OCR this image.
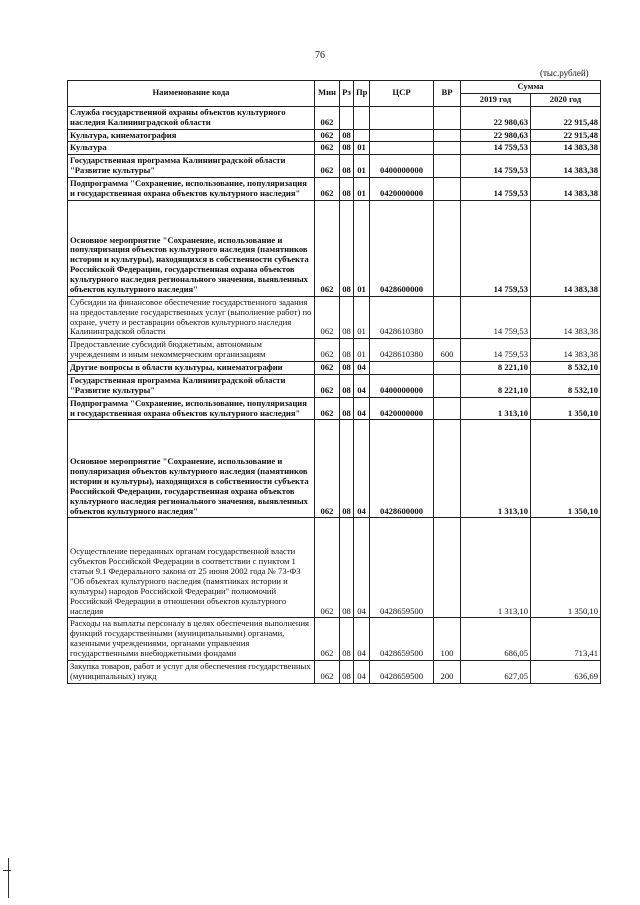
76
(тыс.рублей)
Наименование кода	Мин	Рз	Пр	ЦСР	ВР	Сумма	
						2019 год	2020 год
Служба государственной охраны объектов культурного наследия Калининградской области	062					22 980,63	22 915,48
Культура, кинематография	062	08				22 980,63	22 915,48
Культура	062	08	01			14 759,53	14 383,38
Государственная программа Калининградской области "Развитие культуры"	062	08	01	0400000000		14 759,53	14 383,38
Подпрограмма "Сохранение, использование, популяризация и государственная охрана объектов культурного наследия"	062	08	01	0420000000		14 759,53	14 383,38
Основное мероприятие "Сохранение, использование и популяризация объектов культурного наследия (памятников истории и культуры), находящихся в собственности субъекта Российской Федерации, государственная охрана объектов культурного наследия регионального значения, выявленных объектов культурного наследия"	062	08	01	0428600000		14 759,53	14 383,38
Субсидии на финансовое обеспечение государственного задания на предоставление государственных услуг (выполнение работ) по охране, учету и реставрации объектов культурного наследия Калининградской области	062	08	01	0428610380		14 759,53	14 383,38
Предоставление субсидий бюджетным, автономным учреждениям и иным некоммерческим организациям	062	08	01	0428610380	600	14 759,53	14 383,38
Другие вопросы в области культуры, кинематографии	062	08	04			8 221,10	8 532,10
Государственная программа Калининградской области "Развитие культуры"	062	08	04	0400000000		8 221,10	8 532,10
Подпрограмма "Сохранение, использование, популяризация и государственная охрана объектов культурного наследия"	062	08	04	0420000000		1 313,10	1 350,10
Основное мероприятие "Сохранение, использование и популяризация объектов культурного наследия (памятников истории и культуры), находящихся в собственности субъекта Российской Федерации, государственная охрана объектов культурного наследия регионального значения, выявленных объектов культурного наследия"	062	08	04	0428600000		1 313,10	1 350,10
Осуществление переданных органам государственной власти субъектов Российской Федерации в соответствии с пунктом 1 статьи 9.1 Федерального закона от 25 июня 2002 года № 73-ФЗ "Об объектах культурного наследия (памятниках истории и культуры) народов Российской Федерации" полномочий Российской Федерации в отношении объектов культурного наследия	062	08	04	0428659500		1 313,10	1 350,10
Расходы на выплаты персоналу в целях обеспечения выполнения функций государственными (муниципальными) органами, казенными учреждениями, органами управления государственными внебюджетными фондами	062	08	04	0428659500	100	686,05	713,41
Закупка товаров, работ и услуг для обеспечения государственных (муниципальных) нужд	062	08	04	0428659500	200	627,05	636,69
